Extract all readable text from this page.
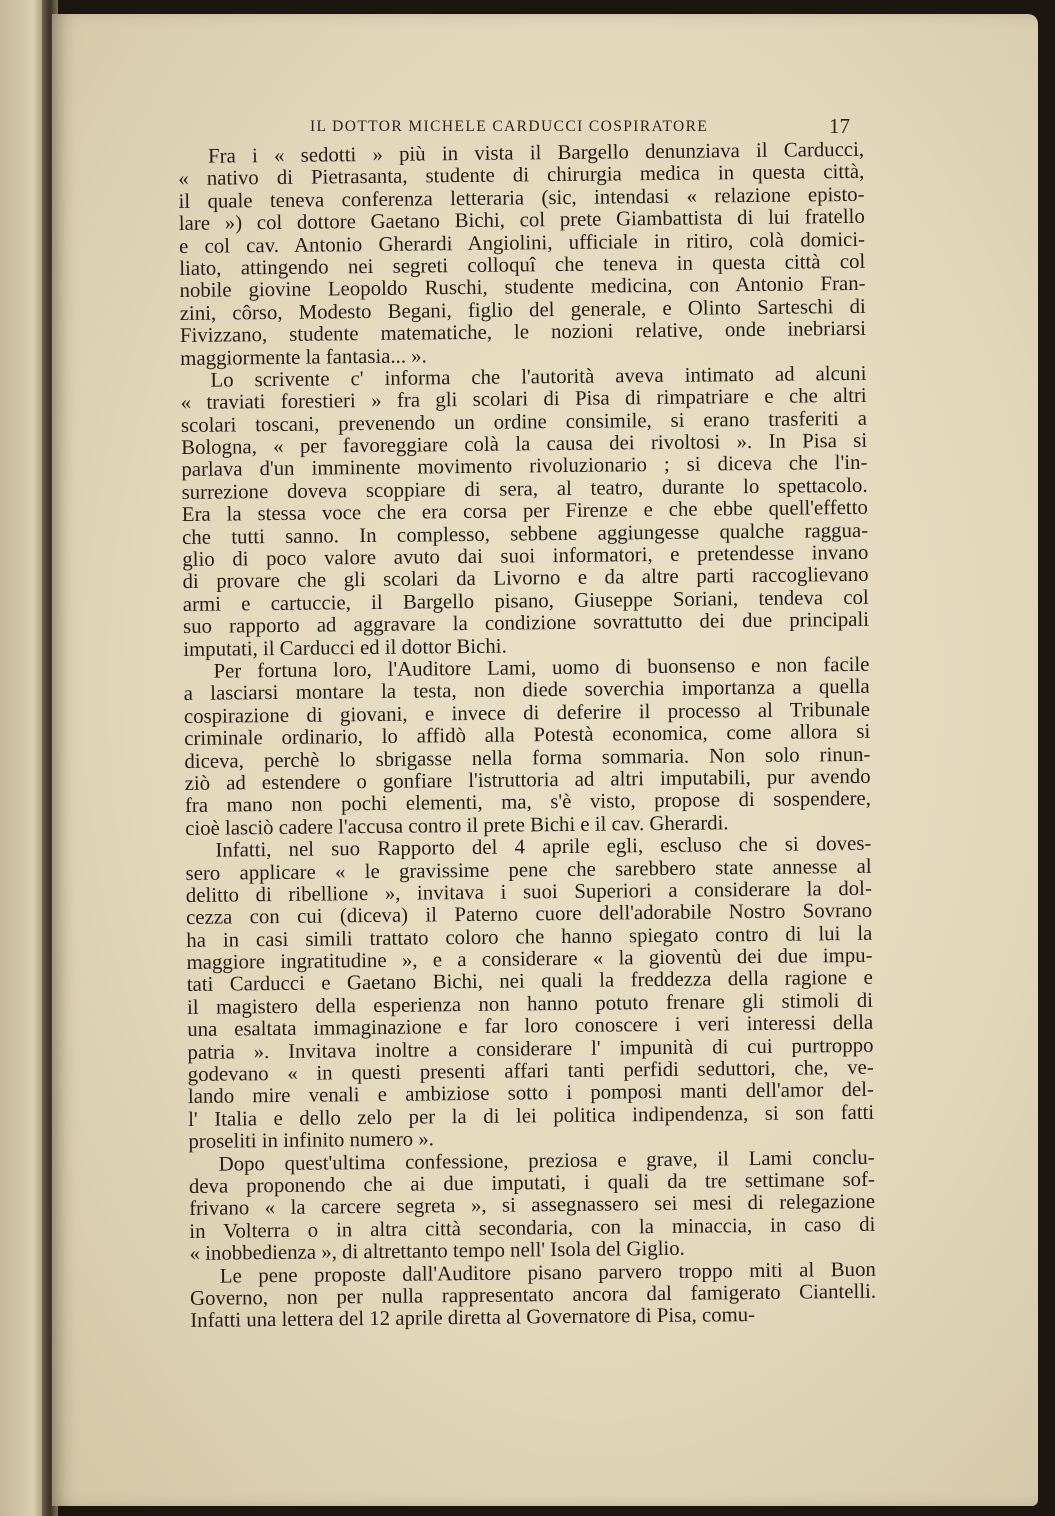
IL DOTTOR MICHELE CARDUCCI COSPIRATORE	17

Fra i « sedotti » più in vista il Bargello denunziava il Carducci,
« nativo di Pietrasanta, studente di chirurgia medica in questa città,
il quale teneva conferenza letteraria (sic, intendasi « relazione episto-
lare ») col dottore Gaetano Bichi, col prete Giambattista di lui fratello
e col cav. Antonio Gherardi Angiolini, ufficiale in ritiro, colà domici-
liato, attingendo nei segreti colloquî che teneva in questa città col
nobile giovine Leopoldo Ruschi, studente medicina, con Antonio Fran-
zini, côrso, Modesto Begani, figlio del generale, e Olinto Sarteschi di
Fivizzano, studente matematiche, le nozioni relative, onde inebriarsi
maggiormente la fantasia... ».

Lo scrivente c' informa che l'autorità aveva intimato ad alcuni
« traviati forestieri » fra gli scolari di Pisa di rimpatriare e che altri
scolari toscani, prevenendo un ordine consimile, si erano trasferiti a
Bologna, « per favoreggiare colà la causa dei rivoltosi ». In Pisa si
parlava d'un imminente movimento rivoluzionario ; si diceva che l'in-
surrezione doveva scoppiare di sera, al teatro, durante lo spettacolo.
Era la stessa voce che era corsa per Firenze e che ebbe quell'effetto
che tutti sanno. In complesso, sebbene aggiungesse qualche ragguа-
glio di poco valore avuto dai suoi informatori, e pretendesse invano
di provare che gli scolari da Livorno e da altre parti raccoglievano
armi e cartuccie, il Bargello pisano, Giuseppe Soriani, tendeva col
suo rapporto ad aggravare la condizione sovrattutto dei due principali
imputati, il Carducci ed il dottor Bichi.

Per fortuna loro, l'Auditore Lami, uomo di buonsenso e non facile
a lasciarsi montare la testa, non diede soverchia importanza a quella
cospirazione di giovani, e invece di deferire il processo al Tribunale
criminale ordinario, lo affidò alla Potestà economica, come allora si
diceva, perchè lo sbrigasse nella forma sommaria. Non solo rinun-
ziò ad estendere o gonfiare l'istruttoria ad altri imputabili, pur avendo
fra mano non pochi elementi, ma, s'è visto, propose di sospendere,
cioè lasciò cadere l'accusa contro il prete Bichi e il cav. Gherardi.

Infatti, nel suo Rapporto del 4 aprile egli, escluso che si doves-
sero applicare « le gravissime pene che sarebbero state annesse al
delitto di ribellione », invitava i suoi Superiori a considerare la dol-
cezza con cui (diceva) il Paterno cuore dell'adorabile Nostro Sovrano
ha in casi simili trattato coloro che hanno spiegato contro di lui la
maggiore ingratitudine », e a considerare « la gioventù dei due impu-
tati Carducci e Gaetano Bichi, nei quali la freddezza della ragione e
il magistero della esperienza non hanno potuto frenare gli stimoli di
una esaltata immaginazione e far loro conoscere i veri interessi della
patria ». Invitava inoltre a considerare l' impunità di cui purtroppo
godevano « in questi presenti affari tanti perfidi seduttori, che, ve-
lando mire venali e ambiziose sotto i pomposi manti dell'amor del-
l' Italia e dello zelo per la di lei politica indipendenza, si son fatti
proseliti in infinito numero ».

Dopo quest'ultima confessione, preziosa e grave, il Lami conclu-
deva proponendo che ai due imputati, i quali da tre settimane sof-
frivano « la carcere segreta », si assegnassero sei mesi di relegazione
in Volterra o in altra città secondaria, con la minaccia, in caso di
« inobbedienza », di altrettanto tempo nell' Isola del Giglio.

Le pene proposte dall'Auditore pisano parvero troppo miti al Buon
Governo, non per nulla rappresentato ancora dal famigerato Ciantelli.
Infatti una lettera del 12 aprile diretta al Governatore di Pisa, comu-
